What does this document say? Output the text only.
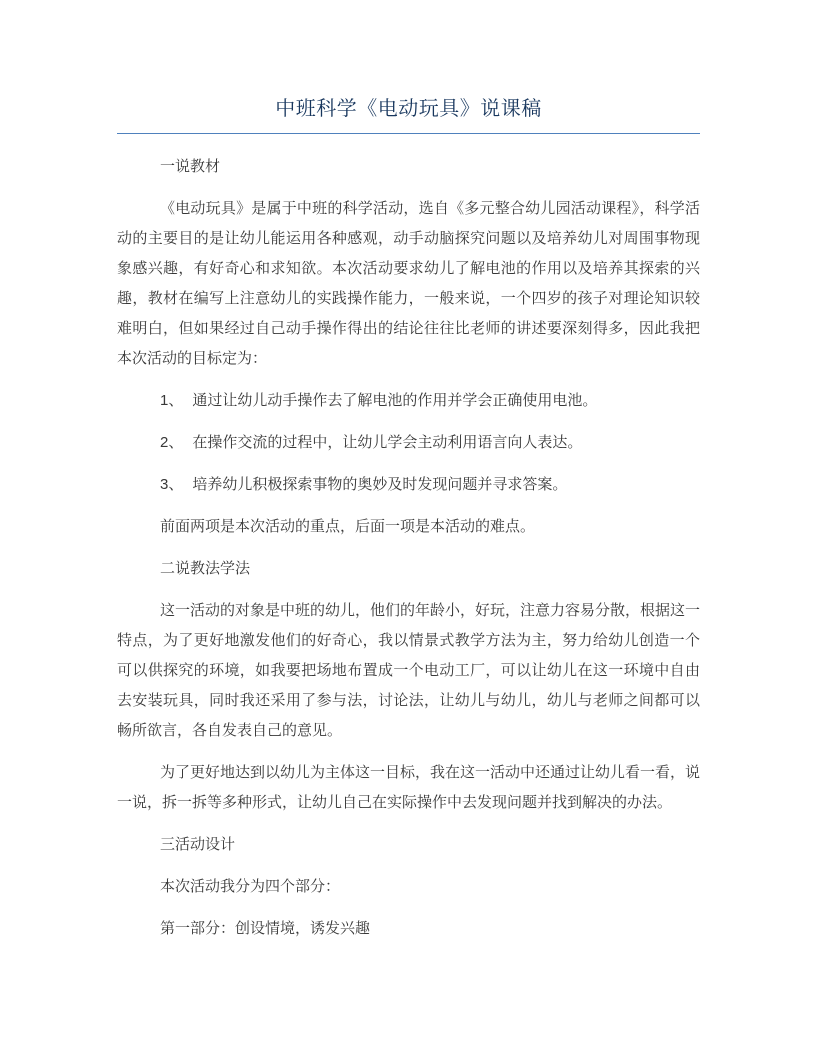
中班科学《电动玩具》说课稿

一说教材

《电动玩具》是属于中班的科学活动，选自《多元整合幼儿园活动课程》，科学活动的主要目的是让幼儿能运用各种感观，动手动脑探究问题以及培养幼儿对周围事物现象感兴趣，有好奇心和求知欲。本次活动要求幼儿了解电池的作用以及培养其探索的兴趣，教材在编写上注意幼儿的实践操作能力，一般来说，一个四岁的孩子对理论知识较难明白，但如果经过自己动手操作得出的结论往往比老师的讲述要深刻得多，因此我把本次活动的目标定为：

1、 通过让幼儿动手操作去了解电池的作用并学会正确使用电池。

2、 在操作交流的过程中，让幼儿学会主动利用语言向人表达。

3、 培养幼儿积极探索事物的奥妙及时发现问题并寻求答案。

前面两项是本次活动的重点，后面一项是本活动的难点。

二说教法学法

这一活动的对象是中班的幼儿，他们的年龄小，好玩，注意力容易分散，根据这一特点，为了更好地激发他们的好奇心，我以情景式教学方法为主，努力给幼儿创造一个可以供探究的环境，如我要把场地布置成一个电动工厂，可以让幼儿在这一环境中自由去安装玩具，同时我还采用了参与法，讨论法，让幼儿与幼儿，幼儿与老师之间都可以畅所欲言，各自发表自己的意见。

为了更好地达到以幼儿为主体这一目标，我在这一活动中还通过让幼儿看一看，说一说，拆一拆等多种形式，让幼儿自己在实际操作中去发现问题并找到解决的办法。

三活动设计

本次活动我分为四个部分：

第一部分：创设情境，诱发兴趣
